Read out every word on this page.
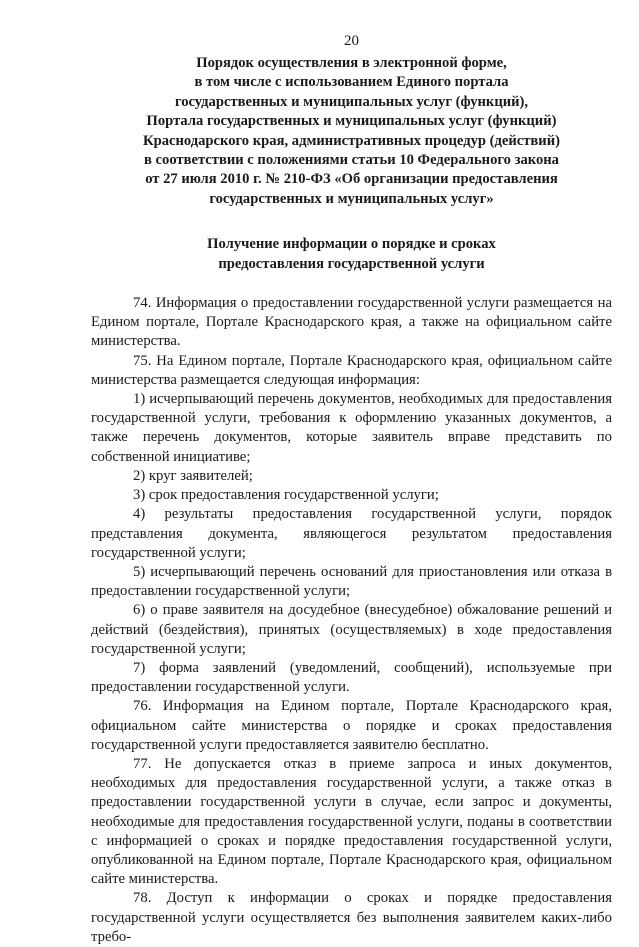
20
Порядок осуществления в электронной форме,
в том числе с использованием Единого портала
государственных и муниципальных услуг (функций),
Портала государственных и муниципальных услуг (функций)
Краснодарского края, административных процедур (действий)
в соответствии с положениями статьи 10 Федерального закона
от 27 июля 2010 г. № 210-ФЗ «Об организации предоставления
государственных и муниципальных услуг»
Получение информации о порядке и сроках
предоставления государственной услуги

74. Информация о предоставлении государственной услуги размещается на Едином портале, Портале Краснодарского края, а также на официальном сайте министерства.

75. На Едином портале, Портале Краснодарского края, официальном сайте министерства размещается следующая информация:

1) исчерпывающий перечень документов, необходимых для предоставления государственной услуги, требования к оформлению указанных документов, а также перечень документов, которые заявитель вправе представить по собственной инициативе;

2) круг заявителей;

3) срок предоставления государственной услуги;

4) результаты предоставления государственной услуги, порядок представления документа, являющегося результатом предоставления государственной услуги;

5) исчерпывающий перечень оснований для приостановления или отказа в предоставлении государственной услуги;

6) о праве заявителя на досудебное (внесудебное) обжалование решений и действий (бездействия), принятых (осуществляемых) в ходе предоставления государственной услуги;

7) форма заявлений (уведомлений, сообщений), используемые при предоставлении государственной услуги.

76. Информация на Едином портале, Портале Краснодарского края, официальном сайте министерства о порядке и сроках предоставления государственной услуги предоставляется заявителю бесплатно.

77. Не допускается отказ в приеме запроса и иных документов, необходимых для предоставления государственной услуги, а также отказ в предоставлении государственной услуги в случае, если запрос и документы, необходимые для предоставления государственной услуги, поданы в соответствии с информацией о сроках и порядке предоставления государственной услуги, опубликованной на Едином портале, Портале Краснодарского края, официальном сайте министерства.

78. Доступ к информации о сроках и порядке предоставления государственной услуги осуществляется без выполнения заявителем каких-либо требо-
